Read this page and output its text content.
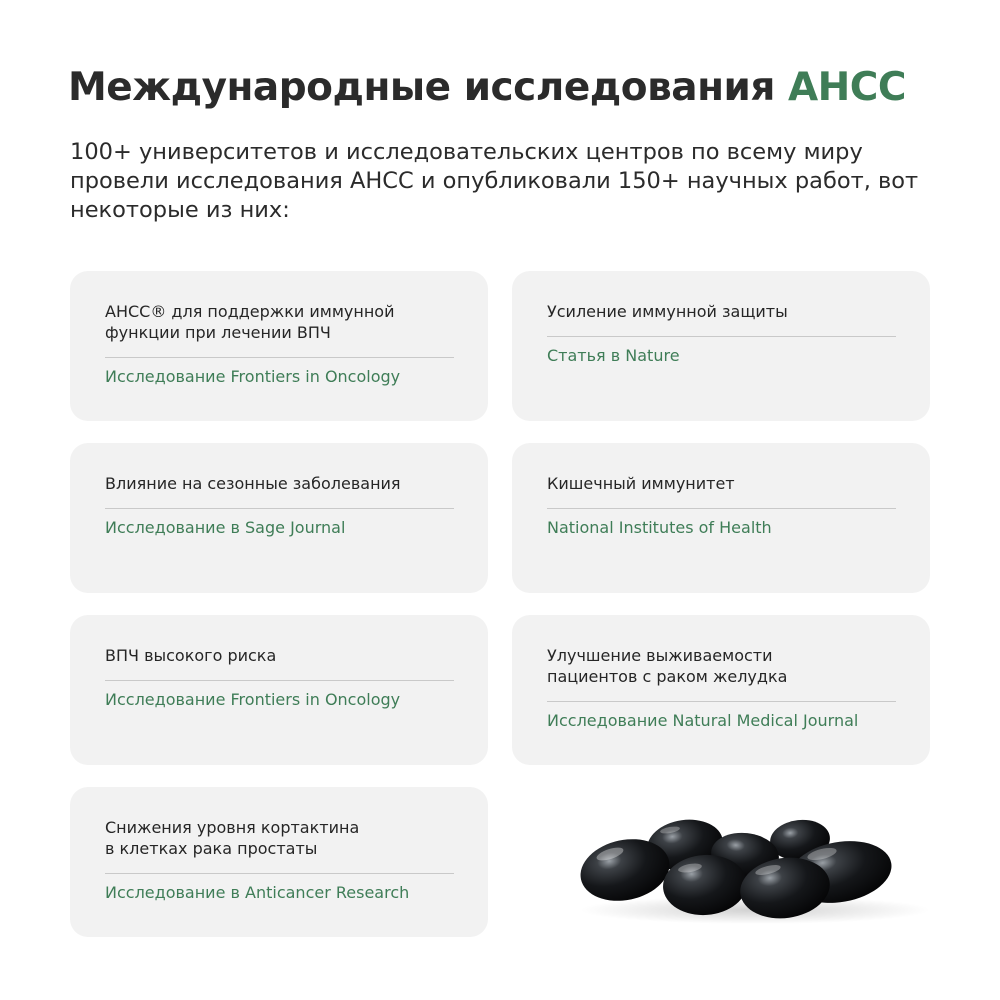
Международные исследования АНСС

100+ университетов и исследовательских центров по всему миру провели исследования АНСС и опубликовали 150+ научных работ, вот некоторые из них:

АНСС® для поддержки иммунной
функции при лечении ВПЧ
Исследование Frontiers in Oncology
Усиление иммунной защиты
Статья в Nature
Влияние на сезонные заболевания
Исследование в Sage Journal
Кишечный иммунитет
National Institutes of Health
ВПЧ высокого риска
Исследование Frontiers in Oncology
Улучшение выживаемости
пациентов с раком желудка
Исследование Natural Medical Journal
Снижения уровня кортактина
в клетках рака простаты
Исследование в Anticancer Research
